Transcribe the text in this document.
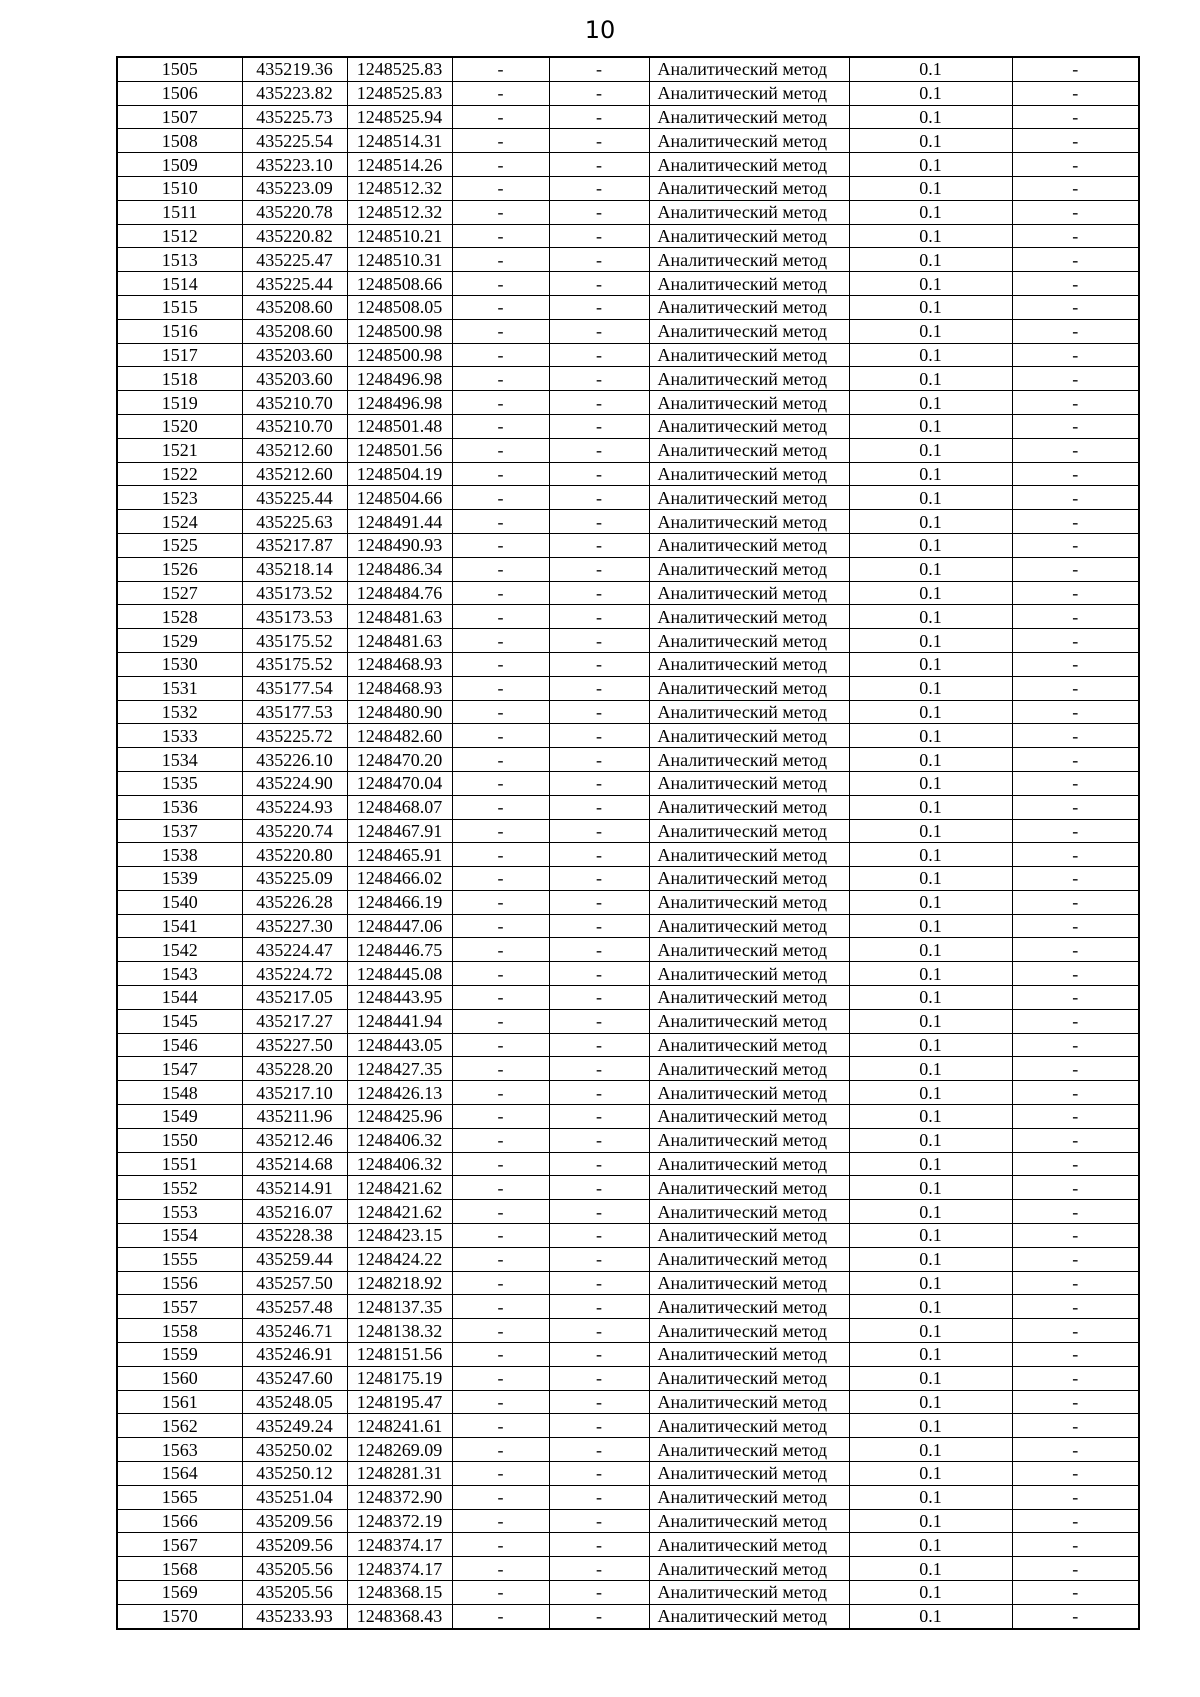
10
1505	435219.36	1248525.83	-	-	Аналитический метод	0.1	-
1506	435223.82	1248525.83	-	-	Аналитический метод	0.1	-
1507	435225.73	1248525.94	-	-	Аналитический метод	0.1	-
1508	435225.54	1248514.31	-	-	Аналитический метод	0.1	-
1509	435223.10	1248514.26	-	-	Аналитический метод	0.1	-
1510	435223.09	1248512.32	-	-	Аналитический метод	0.1	-
1511	435220.78	1248512.32	-	-	Аналитический метод	0.1	-
1512	435220.82	1248510.21	-	-	Аналитический метод	0.1	-
1513	435225.47	1248510.31	-	-	Аналитический метод	0.1	-
1514	435225.44	1248508.66	-	-	Аналитический метод	0.1	-
1515	435208.60	1248508.05	-	-	Аналитический метод	0.1	-
1516	435208.60	1248500.98	-	-	Аналитический метод	0.1	-
1517	435203.60	1248500.98	-	-	Аналитический метод	0.1	-
1518	435203.60	1248496.98	-	-	Аналитический метод	0.1	-
1519	435210.70	1248496.98	-	-	Аналитический метод	0.1	-
1520	435210.70	1248501.48	-	-	Аналитический метод	0.1	-
1521	435212.60	1248501.56	-	-	Аналитический метод	0.1	-
1522	435212.60	1248504.19	-	-	Аналитический метод	0.1	-
1523	435225.44	1248504.66	-	-	Аналитический метод	0.1	-
1524	435225.63	1248491.44	-	-	Аналитический метод	0.1	-
1525	435217.87	1248490.93	-	-	Аналитический метод	0.1	-
1526	435218.14	1248486.34	-	-	Аналитический метод	0.1	-
1527	435173.52	1248484.76	-	-	Аналитический метод	0.1	-
1528	435173.53	1248481.63	-	-	Аналитический метод	0.1	-
1529	435175.52	1248481.63	-	-	Аналитический метод	0.1	-
1530	435175.52	1248468.93	-	-	Аналитический метод	0.1	-
1531	435177.54	1248468.93	-	-	Аналитический метод	0.1	-
1532	435177.53	1248480.90	-	-	Аналитический метод	0.1	-
1533	435225.72	1248482.60	-	-	Аналитический метод	0.1	-
1534	435226.10	1248470.20	-	-	Аналитический метод	0.1	-
1535	435224.90	1248470.04	-	-	Аналитический метод	0.1	-
1536	435224.93	1248468.07	-	-	Аналитический метод	0.1	-
1537	435220.74	1248467.91	-	-	Аналитический метод	0.1	-
1538	435220.80	1248465.91	-	-	Аналитический метод	0.1	-
1539	435225.09	1248466.02	-	-	Аналитический метод	0.1	-
1540	435226.28	1248466.19	-	-	Аналитический метод	0.1	-
1541	435227.30	1248447.06	-	-	Аналитический метод	0.1	-
1542	435224.47	1248446.75	-	-	Аналитический метод	0.1	-
1543	435224.72	1248445.08	-	-	Аналитический метод	0.1	-
1544	435217.05	1248443.95	-	-	Аналитический метод	0.1	-
1545	435217.27	1248441.94	-	-	Аналитический метод	0.1	-
1546	435227.50	1248443.05	-	-	Аналитический метод	0.1	-
1547	435228.20	1248427.35	-	-	Аналитический метод	0.1	-
1548	435217.10	1248426.13	-	-	Аналитический метод	0.1	-
1549	435211.96	1248425.96	-	-	Аналитический метод	0.1	-
1550	435212.46	1248406.32	-	-	Аналитический метод	0.1	-
1551	435214.68	1248406.32	-	-	Аналитический метод	0.1	-
1552	435214.91	1248421.62	-	-	Аналитический метод	0.1	-
1553	435216.07	1248421.62	-	-	Аналитический метод	0.1	-
1554	435228.38	1248423.15	-	-	Аналитический метод	0.1	-
1555	435259.44	1248424.22	-	-	Аналитический метод	0.1	-
1556	435257.50	1248218.92	-	-	Аналитический метод	0.1	-
1557	435257.48	1248137.35	-	-	Аналитический метод	0.1	-
1558	435246.71	1248138.32	-	-	Аналитический метод	0.1	-
1559	435246.91	1248151.56	-	-	Аналитический метод	0.1	-
1560	435247.60	1248175.19	-	-	Аналитический метод	0.1	-
1561	435248.05	1248195.47	-	-	Аналитический метод	0.1	-
1562	435249.24	1248241.61	-	-	Аналитический метод	0.1	-
1563	435250.02	1248269.09	-	-	Аналитический метод	0.1	-
1564	435250.12	1248281.31	-	-	Аналитический метод	0.1	-
1565	435251.04	1248372.90	-	-	Аналитический метод	0.1	-
1566	435209.56	1248372.19	-	-	Аналитический метод	0.1	-
1567	435209.56	1248374.17	-	-	Аналитический метод	0.1	-
1568	435205.56	1248374.17	-	-	Аналитический метод	0.1	-
1569	435205.56	1248368.15	-	-	Аналитический метод	0.1	-
1570	435233.93	1248368.43	-	-	Аналитический метод	0.1	-
